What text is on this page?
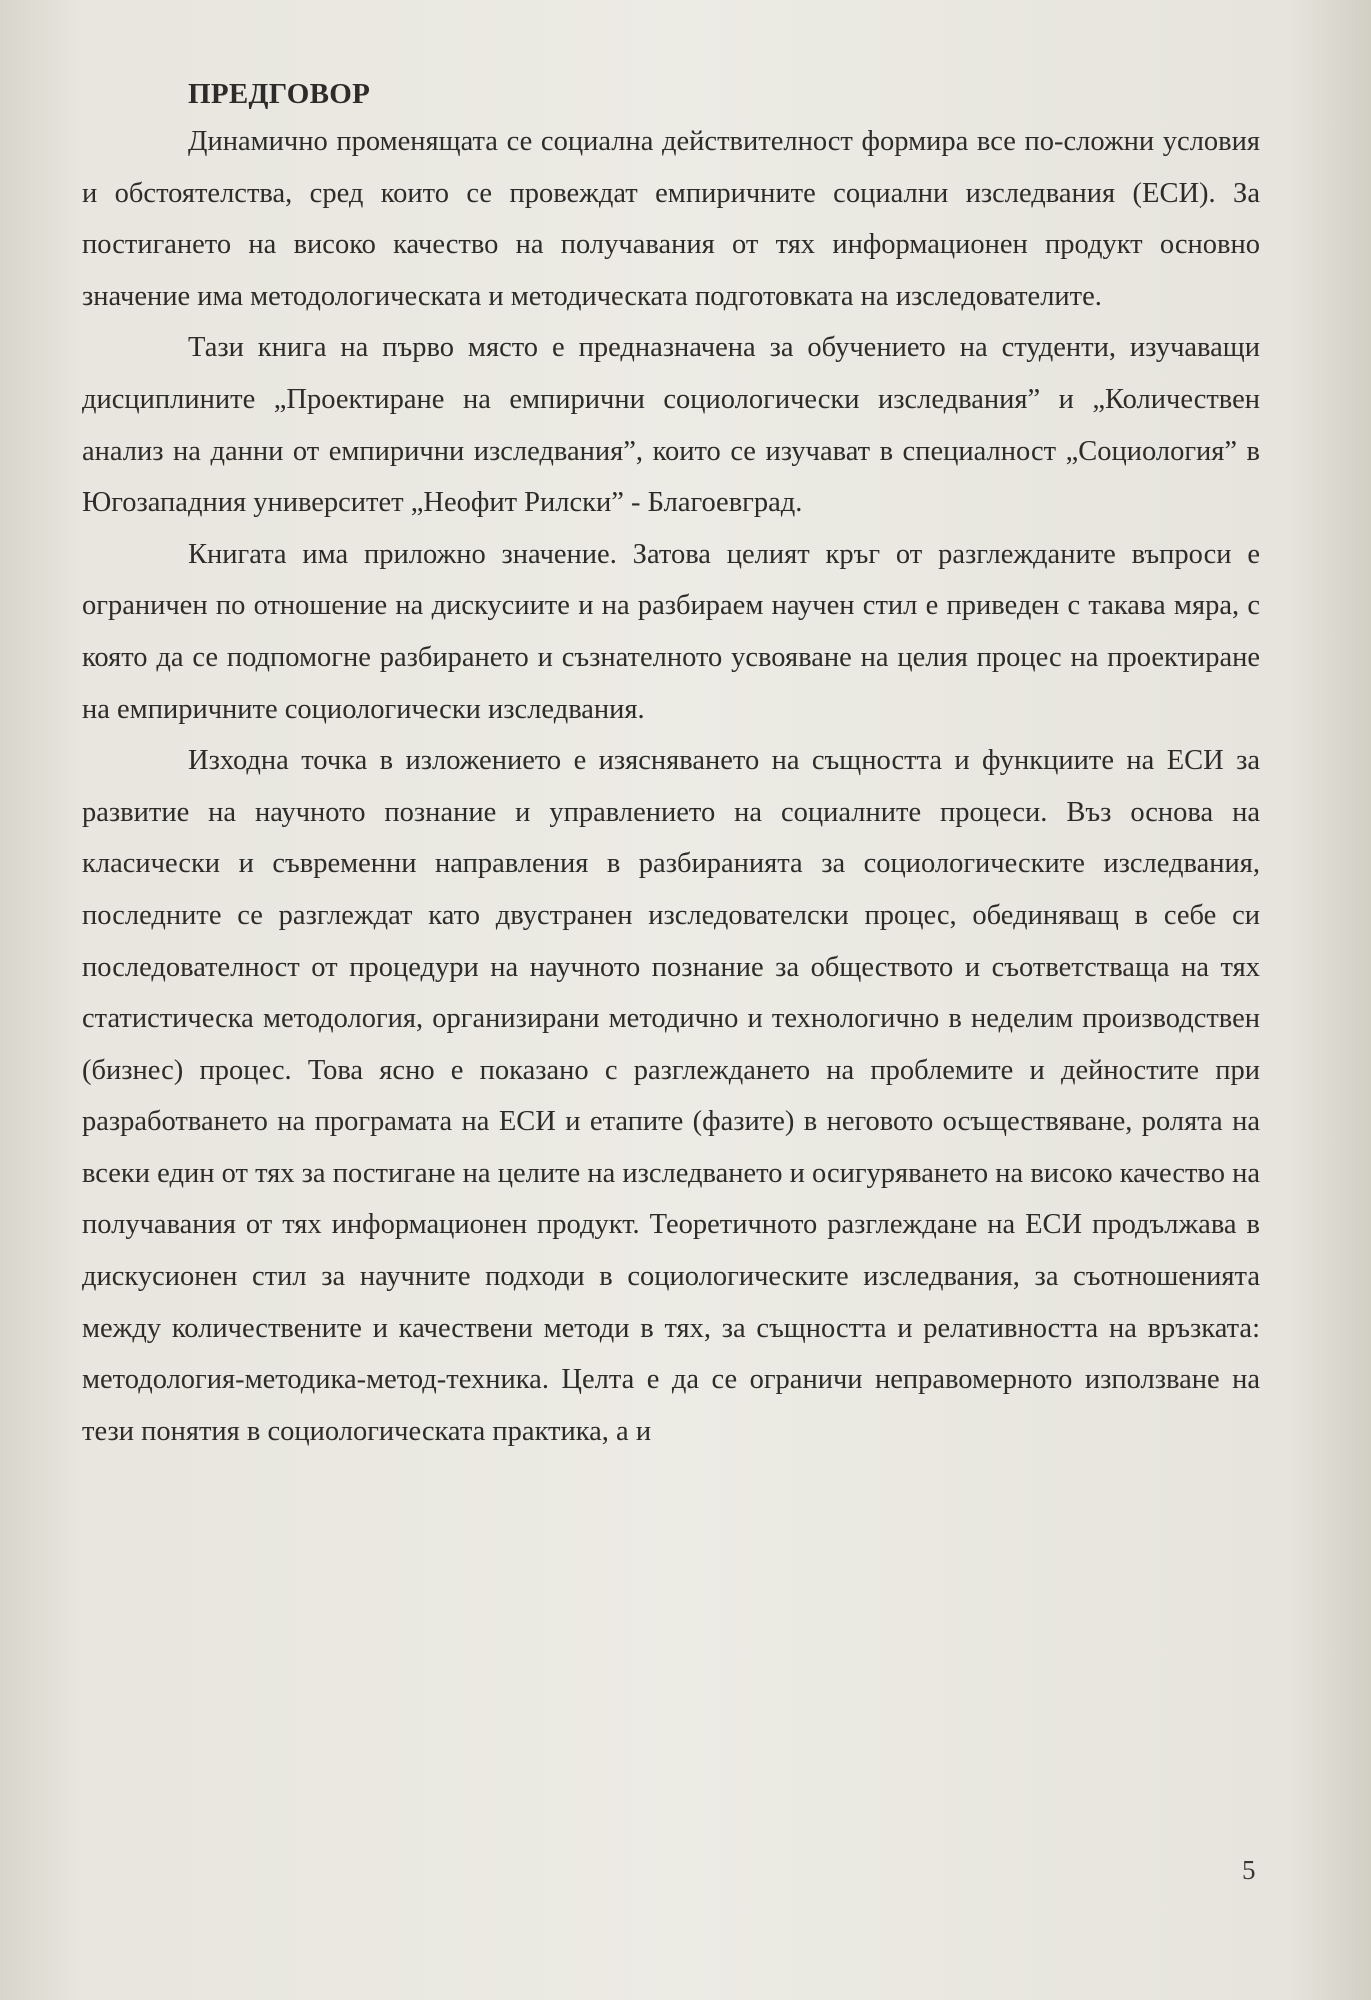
ПРЕДГОВОР

Динамично променящата се социална действителност формира все по-сложни условия и обстоятелства, сред които се провеждат емпиричните социални изследвания (ЕСИ). За постигането на високо качество на получавания от тях информационен продукт основно значение има методологическата и методическата подготовката на изследователите.

Тази книга на първо място е предназначена за обучението на студенти, изучаващи дисциплините „Проектиране на емпирични социологически изследвания” и „Количествен анализ на данни от емпирични изследвания”, които се изучават в специалност „Социология” в Югозападния университет „Неофит Рилски” - Благоевград.

Книгата има приложно значение. Затова целият кръг от разглежданите въпроси е ограничен по отношение на дискусиите и на разбираем научен стил е приведен с такава мяра, с която да се подпомогне разбирането и съзнателното усвояване на целия процес на проектиране на емпиричните социологически изследвания.

Изходна точка в изложението е изясняването на същността и функциите на ЕСИ за развитие на научното познание и управлението на социалните процеси. Въз основа на класически и съвременни направления в разбиранията за социологическите изследвания, последните се разглеждат като двустранен изследователски процес, обединяващ в себе си последователност от процедури на научното познание за обществото и съответстваща на тях статистическа методология, организирани методично и технологично в неделим производствен (бизнес) процес. Това ясно е показано с разглеждането на проблемите и дейностите при разработването на програмата на ЕСИ и етапите (фазите) в неговото осъществяване, ролята на всеки един от тях за постигане на целите на изследването и осигуряването на високо качество на получавания от тях информационен продукт. Теоретичното разглеждане на ЕСИ продължава в дискусионен стил за научните подходи в социологическите изследвания, за съотношенията между количествените и качествени методи в тях, за същността и релативността на връзката: методология-методика-метод-техника. Целта е да се ограничи неправомерното използване на тези понятия в социологическата практика, а и

5
